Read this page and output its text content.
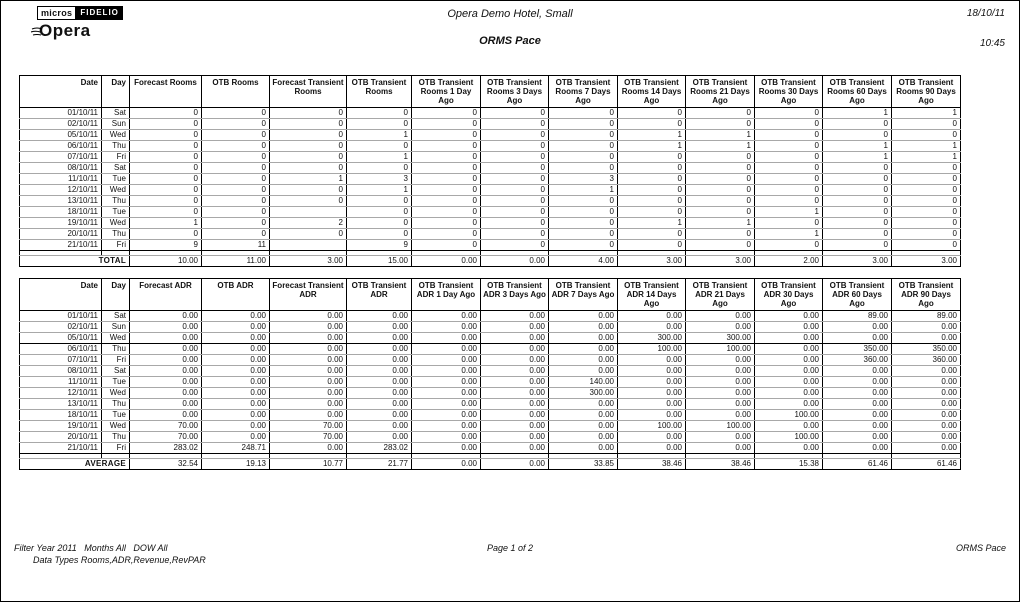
micros	FIDELIO
Opera
Opera Demo Hotel, Small
ORMS Pace
18/10/11
10:45
Date	Day	Forecast Rooms	OTB Rooms	Forecast Transient Rooms	OTB Transient Rooms	OTB Transient Rooms 1 Day Ago	OTB Transient Rooms 3 Days Ago	OTB Transient Rooms 7 Days Ago	OTB Transient Rooms 14 Days Ago	OTB Transient Rooms 21 Days Ago	OTB Transient Rooms 30 Days Ago	OTB Transient Rooms 60 Days Ago	OTB Transient Rooms 90 Days Ago
01/10/11	Sat	0	0	0	0	0	0	0	0	0	0	1	1
02/10/11	Sun	0	0	0	0	0	0	0	0	0	0	0	0
05/10/11	Wed	0	0	0	1	0	0	0	1	1	0	0	0
06/10/11	Thu	0	0	0	0	0	0	0	1	1	0	1	1
07/10/11	Fri	0	0	0	1	0	0	0	0	0	0	1	1
08/10/11	Sat	0	0	0	0	0	0	0	0	0	0	0	0
11/10/11	Tue	0	0	1	3	0	0	3	0	0	0	0	0
12/10/11	Wed	0	0	0	1	0	0	1	0	0	0	0	0
13/10/11	Thu	0	0	0	0	0	0	0	0	0	0	0	0
18/10/11	Tue	0	0		0	0	0	0	0	0	1	0	0
19/10/11	Wed	1	0	2	0	0	0	0	1	1	0	0	0
20/10/11	Thu	0	0	0	0	0	0	0	0	0	1	0	0
21/10/11	Fri	9	11		9	0	0	0	0	0	0	0	0

TOTAL		10.00	11.00	3.00	15.00	0.00	0.00	4.00	3.00	3.00	2.00	3.00	3.00
Date	Day	Forecast ADR	OTB ADR	Forecast Transient ADR	OTB Transient ADR	OTB Transient ADR 1 Day Ago	OTB Transient ADR 3 Days Ago	OTB Transient ADR 7 Days Ago	OTB Transient ADR 14 Days Ago	OTB Transient ADR 21 Days Ago	OTB Transient ADR 30 Days Ago	OTB Transient ADR 60 Days Ago	OTB Transient ADR 90 Days Ago
01/10/11	Sat	0.00	0.00	0.00	0.00	0.00	0.00	0.00	0.00	0.00	0.00	89.00	89.00
02/10/11	Sun	0.00	0.00	0.00	0.00	0.00	0.00	0.00	0.00	0.00	0.00	0.00	0.00
05/10/11	Wed	0.00	0.00	0.00	0.00	0.00	0.00	0.00	300.00	300.00	0.00	0.00	0.00
06/10/11	Thu	0.00	0.00	0.00	0.00	0.00	0.00	0.00	100.00	100.00	0.00	350.00	350.00
07/10/11	Fri	0.00	0.00	0.00	0.00	0.00	0.00	0.00	0.00	0.00	0.00	360.00	360.00
08/10/11	Sat	0.00	0.00	0.00	0.00	0.00	0.00	0.00	0.00	0.00	0.00	0.00	0.00
11/10/11	Tue	0.00	0.00	0.00	0.00	0.00	0.00	140.00	0.00	0.00	0.00	0.00	0.00
12/10/11	Wed	0.00	0.00	0.00	0.00	0.00	0.00	300.00	0.00	0.00	0.00	0.00	0.00
13/10/11	Thu	0.00	0.00	0.00	0.00	0.00	0.00	0.00	0.00	0.00	0.00	0.00	0.00
18/10/11	Tue	0.00	0.00	0.00	0.00	0.00	0.00	0.00	0.00	0.00	100.00	0.00	0.00
19/10/11	Wed	70.00	0.00	70.00	0.00	0.00	0.00	0.00	100.00	100.00	0.00	0.00	0.00
20/10/11	Thu	70.00	0.00	70.00	0.00	0.00	0.00	0.00	0.00	0.00	100.00	0.00	0.00
21/10/11	Fri	283.02	248.71	0.00	283.02	0.00	0.00	0.00	0.00	0.00	0.00	0.00	0.00

AVERAGE		32.54	19.13	10.77	21.77	0.00	0.00	33.85	38.46	38.46	15.38	61.46	61.46
Filter Year 2011   Months All   DOW All
Data Types Rooms,ADR,Revenue,RevPAR
Page 1 of 2	ORMS Pace
